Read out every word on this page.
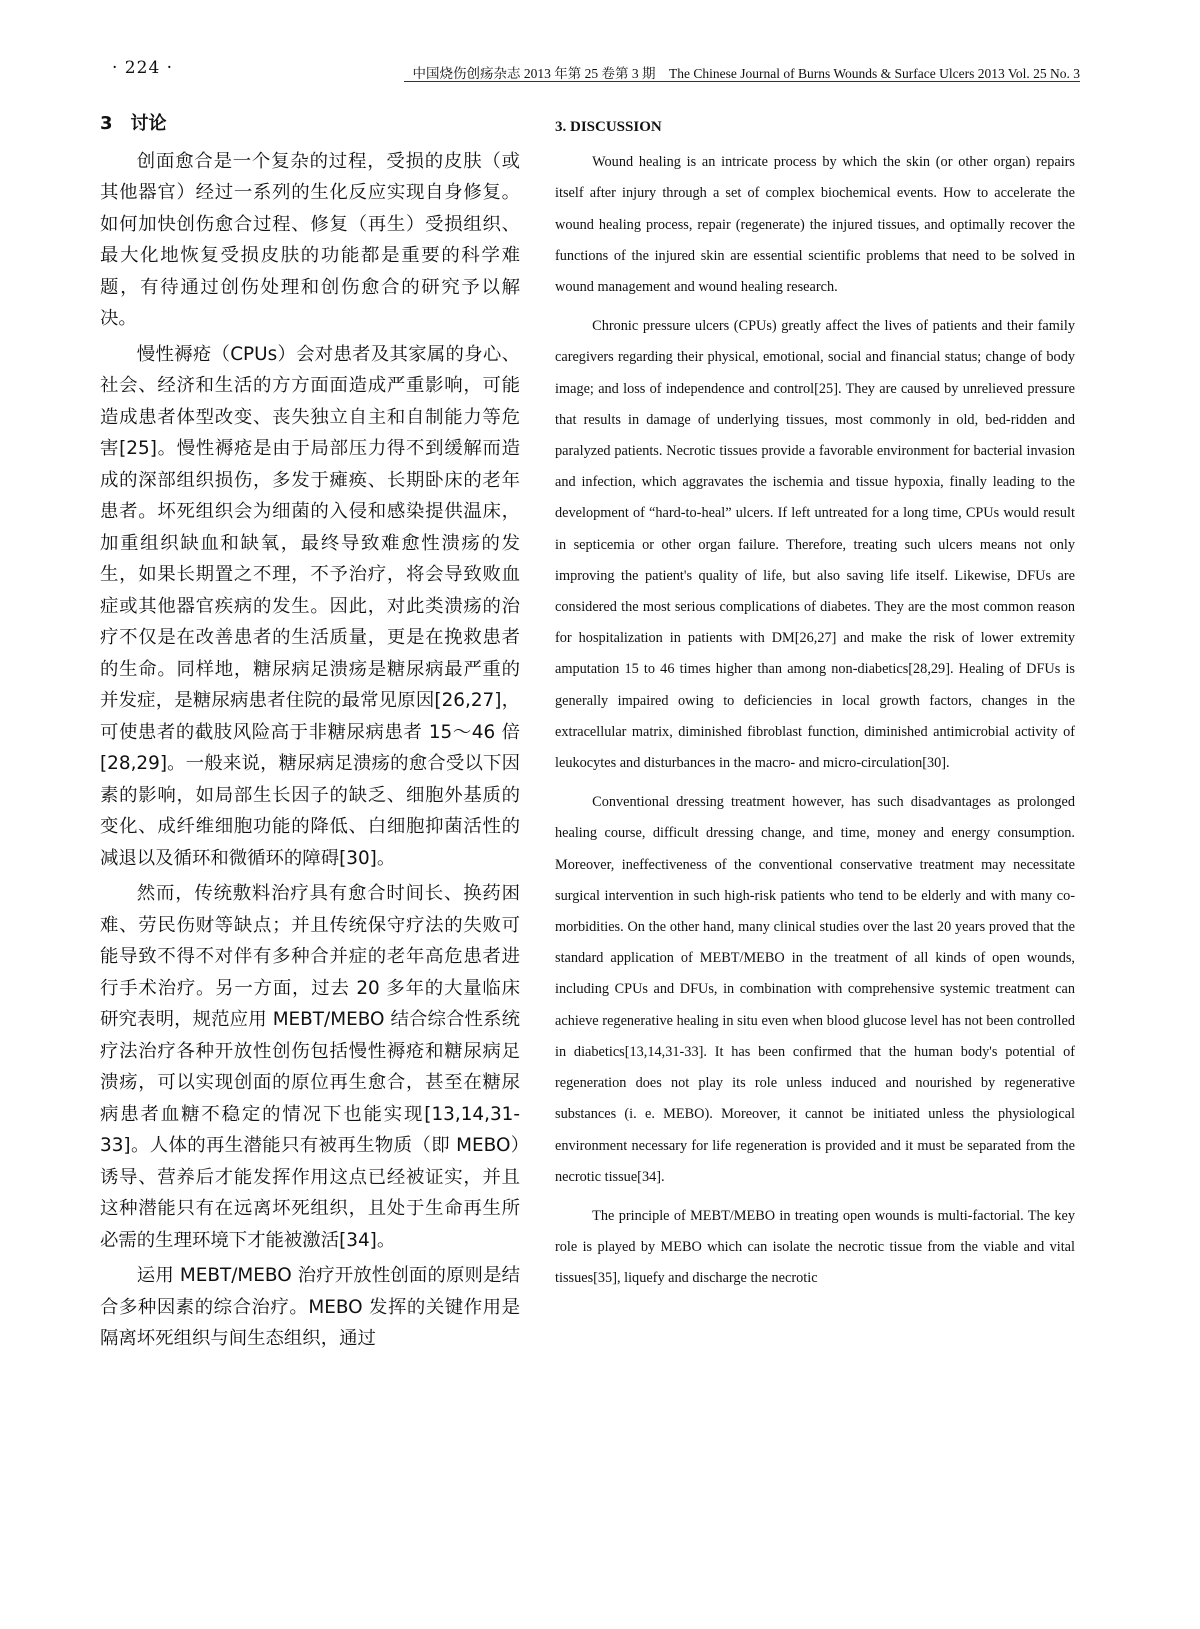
· 224 ·	中国烧伤创疡杂志 2013 年第 25 卷第 3 期　The Chinese Journal of Burns Wounds & Surface Ulcers 2013 Vol. 25 No. 3
3　讨论

创面愈合是一个复杂的过程，受损的皮肤（或其他器官）经过一系列的生化反应实现自身修复。如何加快创伤愈合过程、修复（再生）受损组织、最大化地恢复受损皮肤的功能都是重要的科学难题，有待通过创伤处理和创伤愈合的研究予以解决。

慢性褥疮（CPUs）会对患者及其家属的身心、社会、经济和生活的方方面面造成严重影响，可能造成患者体型改变、丧失独立自主和自制能力等危害[25]。慢性褥疮是由于局部压力得不到缓解而造成的深部组织损伤，多发于瘫痪、长期卧床的老年患者。坏死组织会为细菌的入侵和感染提供温床，加重组织缺血和缺氧，最终导致难愈性溃疡的发生，如果长期置之不理，不予治疗，将会导致败血症或其他器官疾病的发生。因此，对此类溃疡的治疗不仅是在改善患者的生活质量，更是在挽救患者的生命。同样地，糖尿病足溃疡是糖尿病最严重的并发症，是糖尿病患者住院的最常见原因[26,27]，可使患者的截肢风险高于非糖尿病患者 15～46 倍[28,29]。一般来说，糖尿病足溃疡的愈合受以下因素的影响，如局部生长因子的缺乏、细胞外基质的变化、成纤维细胞功能的降低、白细胞抑菌活性的减退以及循环和微循环的障碍[30]。

然而，传统敷料治疗具有愈合时间长、换药困难、劳民伤财等缺点；并且传统保守疗法的失败可能导致不得不对伴有多种合并症的老年高危患者进行手术治疗。另一方面，过去 20 多年的大量临床研究表明，规范应用 MEBT/MEBO 结合综合性系统疗法治疗各种开放性创伤包括慢性褥疮和糖尿病足溃疡，可以实现创面的原位再生愈合，甚至在糖尿病患者血糖不稳定的情况下也能实现[13,14,31-33]。人体的再生潜能只有被再生物质（即 MEBO）诱导、营养后才能发挥作用这点已经被证实，并且这种潜能只有在远离坏死组织，且处于生命再生所必需的生理环境下才能被激活[34]。

运用 MEBT/MEBO 治疗开放性创面的原则是结合多种因素的综合治疗。MEBO 发挥的关键作用是隔离坏死组织与间生态组织，通过

3. DISCUSSION

Wound healing is an intricate process by which the skin (or other organ) repairs itself after injury through a set of complex biochemical events. How to accelerate the wound healing process, repair (regenerate) the injured tissues, and optimally recover the functions of the injured skin are essential scientific problems that need to be solved in wound management and wound healing research.

Chronic pressure ulcers (CPUs) greatly affect the lives of patients and their family caregivers regarding their physical, emotional, social and financial status; change of body image; and loss of independence and control[25]. They are caused by unrelieved pressure that results in damage of underlying tissues, most commonly in old, bed-ridden and paralyzed patients. Necrotic tissues provide a favorable environment for bacterial invasion and infection, which aggravates the ischemia and tissue hypoxia, finally leading to the development of “hard-to-heal” ulcers. If left untreated for a long time, CPUs would result in septicemia or other organ failure. Therefore, treating such ulcers means not only improving the patient's quality of life, but also saving life itself. Likewise, DFUs are considered the most serious complications of diabetes. They are the most common reason for hospitalization in patients with DM[26,27] and make the risk of lower extremity amputation 15 to 46 times higher than among non-diabetics[28,29]. Healing of DFUs is generally impaired owing to deficiencies in local growth factors, changes in the extracellular matrix, diminished fibroblast function, diminished antimicrobial activity of leukocytes and disturbances in the macro- and micro-circulation[30].

Conventional dressing treatment however, has such disadvantages as prolonged healing course, difficult dressing change, and time, money and energy consumption. Moreover, ineffectiveness of the conventional conservative treatment may necessitate surgical intervention in such high-risk patients who tend to be elderly and with many co-morbidities. On the other hand, many clinical studies over the last 20 years proved that the standard application of MEBT/MEBO in the treatment of all kinds of open wounds, including CPUs and DFUs, in combination with comprehensive systemic treatment can achieve regenerative healing in situ even when blood glucose level has not been controlled in diabetics[13,14,31-33]. It has been confirmed that the human body's potential of regeneration does not play its role unless induced and nourished by regenerative substances (i. e. MEBO). Moreover, it cannot be initiated unless the physiological environment necessary for life regeneration is provided and it must be separated from the necrotic tissue[34].

The principle of MEBT/MEBO in treating open wounds is multi-factorial. The key role is played by MEBO which can isolate the necrotic tissue from the viable and vital tissues[35], liquefy and discharge the necrotic
